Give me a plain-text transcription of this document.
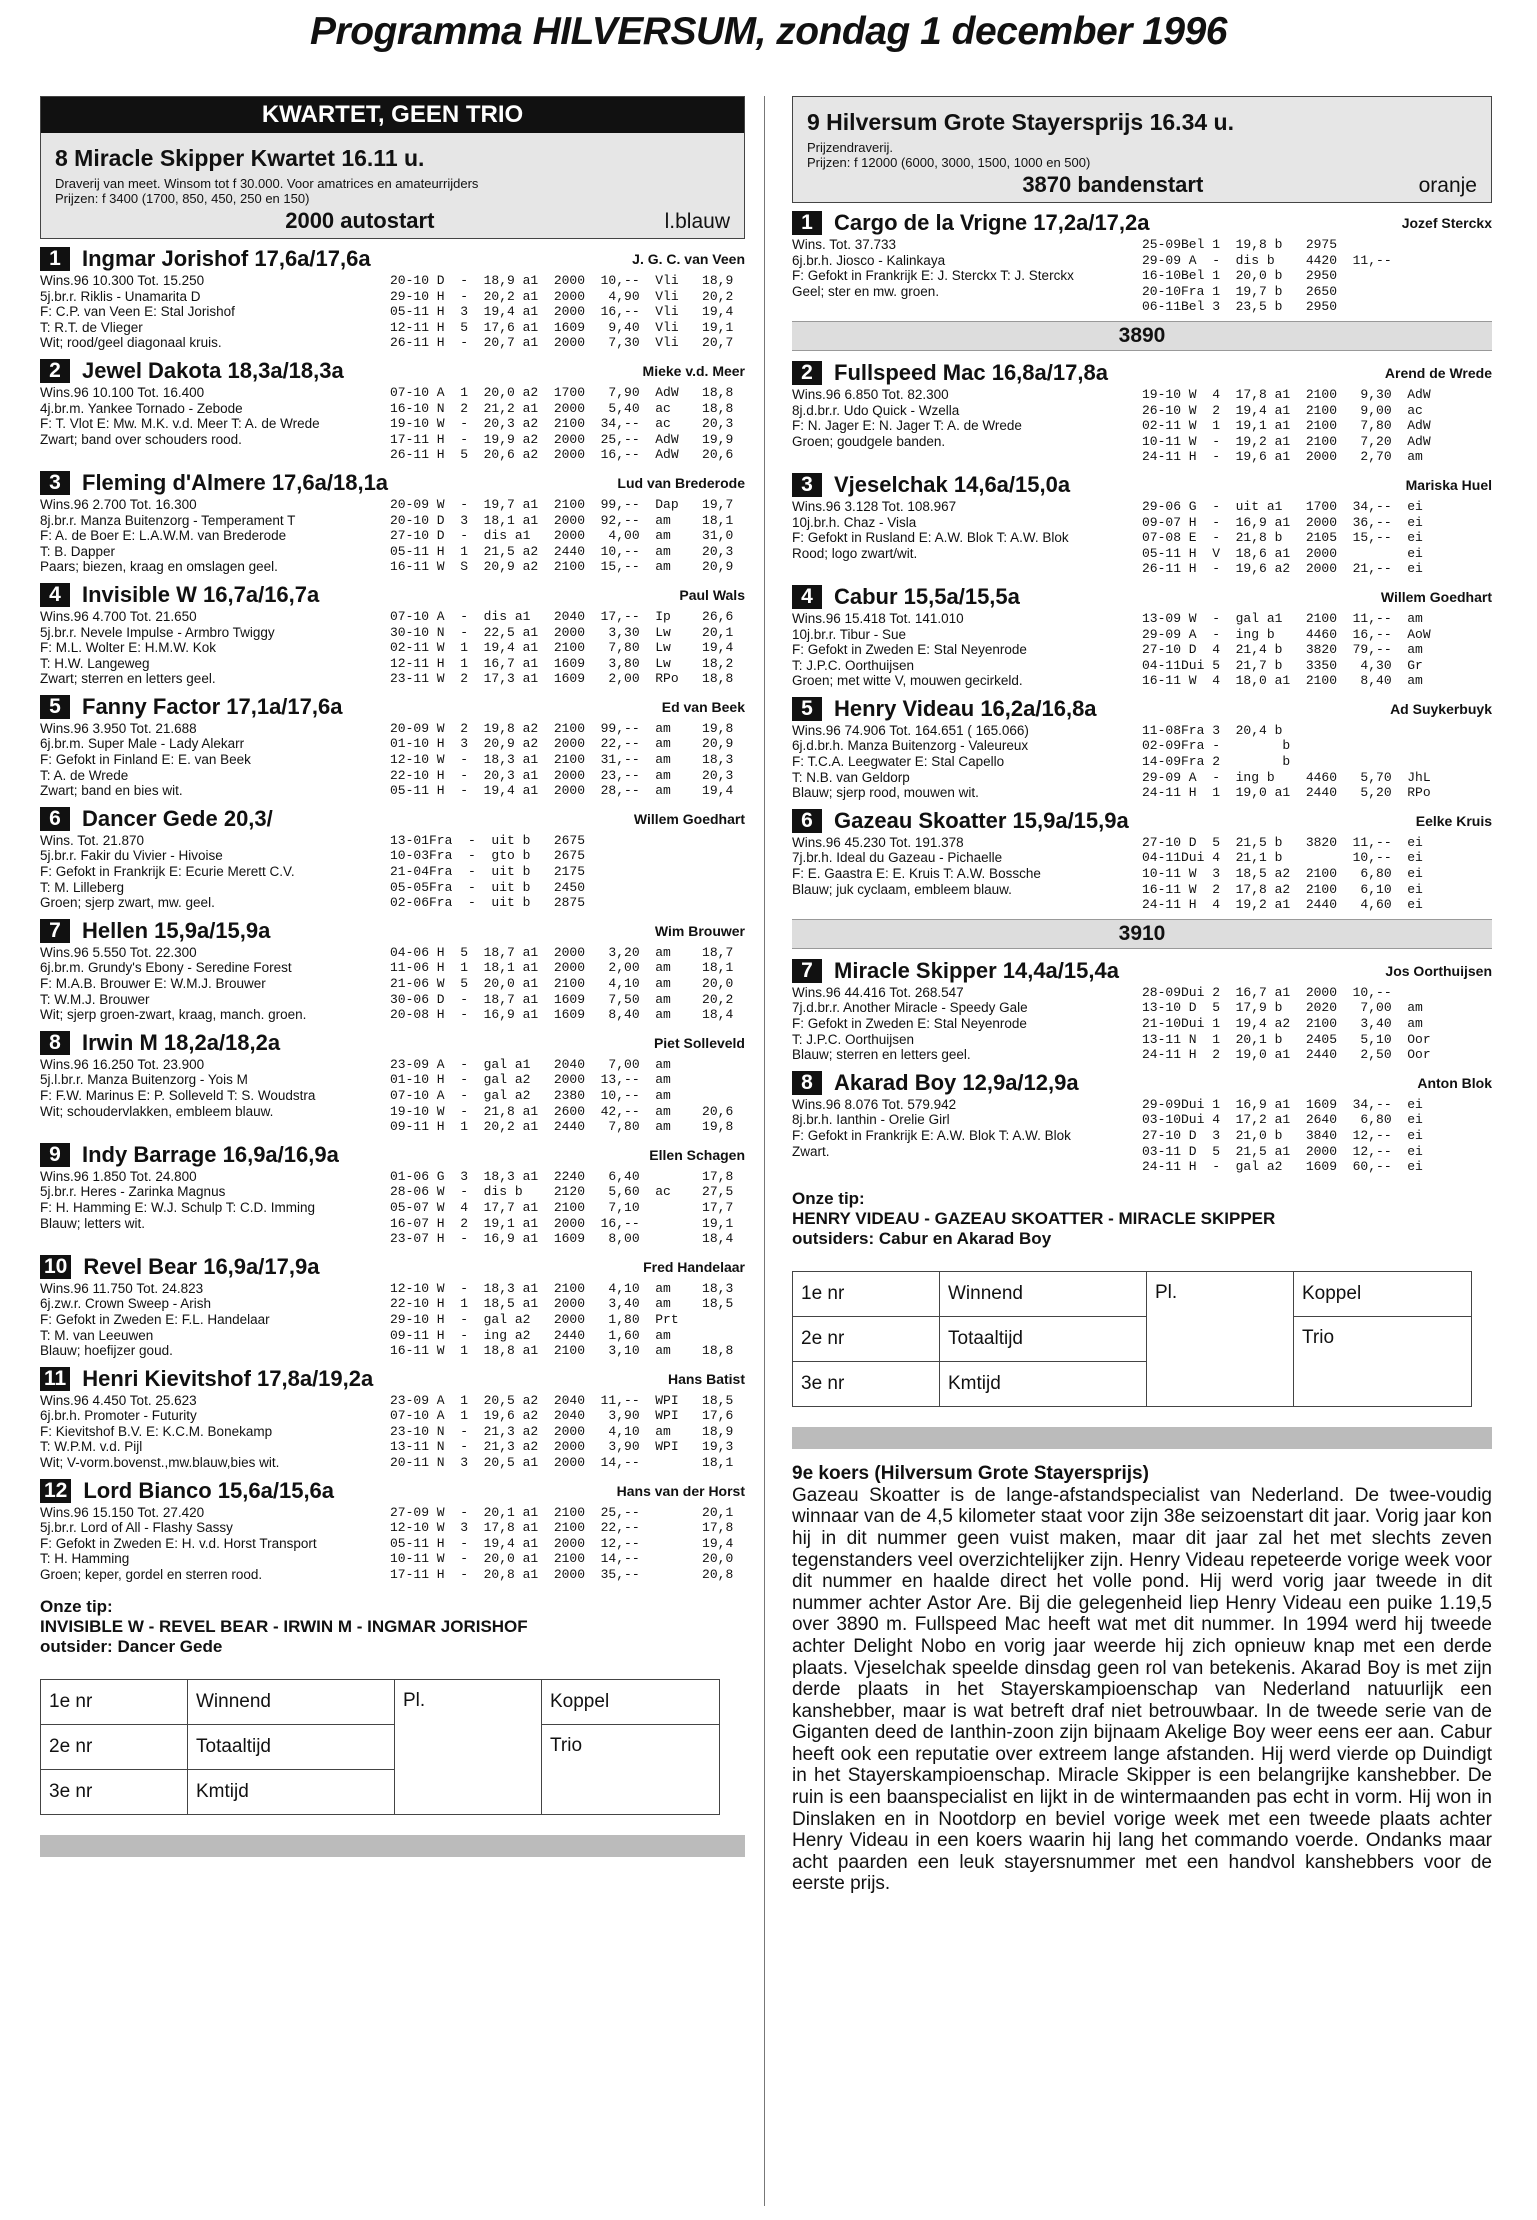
Programma HILVERSUM, zondag 1 december 1996
KWARTET, GEEN TRIO
8 Miracle Skipper Kwartet 16.11 u.
Draverij van meet. Winsom tot f 30.000. Voor amatrices en amateurrijders
Prijzen: f 3400 (1700, 850, 450, 250 en 150)
2000 autostart	l.blauw
1 Ingmar Jorishof 17,6a/17,6a	J. G. C. van Veen
Wins.96 10.300 Tot. 15.250
5j.br.r. Riklis - Unamarita D
F: C.P. van Veen E: Stal Jorishof
T: R.T. de Vlieger
Wit; rood/geel diagonaal kruis.
20-10 D  -  18,9 a1  2000  10,--  Vli   18,9
29-10 H  -  20,2 a1  2000   4,90  Vli   20,2
05-11 H  3  19,4 a1  2000  16,--  Vli   19,4
12-11 H  5  17,6 a1  1609   9,40  Vli   19,1
26-11 H  -  20,7 a1  2000   7,30  Vli   20,7
2 Jewel Dakota 18,3a/18,3a	Mieke v.d. Meer
Wins.96 10.100 Tot. 16.400
4j.br.m. Yankee Tornado - Zebode
F: T. Vlot E: Mw. M.K. v.d. Meer T: A. de Wrede
Zwart; band over schouders rood.
07-10 A  1  20,0 a2  1700   7,90  AdW   18,8
16-10 N  2  21,2 a1  2000   5,40  ac    18,8
19-10 W  -  20,3 a2  2100  34,--  ac    20,3
17-11 H  -  19,9 a2  2000  25,--  AdW   19,9
26-11 H  5  20,6 a2  2000  16,--  AdW   20,6
3 Fleming d'Almere 17,6a/18,1a	Lud van Brederode
Wins.96 2.700 Tot. 16.300
8j.br.r. Manza Buitenzorg - Temperament T
F: A. de Boer E: L.A.W.M. van Brederode
T: B. Dapper
Paars; biezen, kraag en omslagen geel.
20-09 W  -  19,7 a1  2100  99,--  Dap   19,7
20-10 D  3  18,1 a1  2000  92,--  am    18,1
27-10 D  -  dis a1   2000   4,00  am    31,0
05-11 H  1  21,5 a2  2440  10,--  am    20,3
16-11 W  S  20,9 a2  2100  15,--  am    20,9
4 Invisible W 16,7a/16,7a	Paul Wals
Wins.96 4.700 Tot. 21.650
5j.br.r. Nevele Impulse - Armbro Twiggy
F: M.L. Wolter E: H.M.W. Kok
T: H.W. Langeweg
Zwart; sterren en letters geel.
07-10 A  -  dis a1   2040  17,--  Ip    26,6
30-10 N  -  22,5 a1  2000   3,30  Lw    20,1
02-11 W  1  19,4 a1  2100   7,80  Lw    19,4
12-11 H  1  16,7 a1  1609   3,80  Lw    18,2
23-11 W  2  17,3 a1  1609   2,00  RPo   18,8
5 Fanny Factor 17,1a/17,6a	Ed van Beek
Wins.96 3.950 Tot. 21.688
6j.br.m. Super Male - Lady Alekarr
F: Gefokt in Finland E: E. van Beek
T: A. de Wrede
Zwart; band en bies wit.
20-09 W  2  19,8 a2  2100  99,--  am    19,8
01-10 H  3  20,9 a2  2000  22,--  am    20,9
12-10 W  -  18,3 a1  2100  31,--  am    18,3
22-10 H  -  20,3 a1  2000  23,--  am    20,3
05-11 H  -  19,4 a1  2000  28,--  am    19,4
6 Dancer Gede 20,3/	Willem Goedhart
Wins. Tot. 21.870
5j.br.r. Fakir du Vivier - Hivoise
F: Gefokt in Frankrijk E: Ecurie Merett C.V.
T: M. Lilleberg
Groen; sjerp zwart, mw. geel.
13-01Fra  -  uit b   2675
10-03Fra  -  gto b   2675
21-04Fra  -  uit b   2175
05-05Fra  -  uit b   2450
02-06Fra  -  uit b   2875
7 Hellen 15,9a/15,9a	Wim Brouwer
Wins.96 5.550 Tot. 22.300
6j.br.m. Grundy's Ebony - Seredine Forest
F: M.A.B. Brouwer E: W.M.J. Brouwer
T: W.M.J. Brouwer
Wit; sjerp groen-zwart, kraag, manch. groen.
04-06 H  5  18,7 a1  2000   3,20  am    18,7
11-06 H  1  18,1 a1  2000   2,00  am    18,1
21-06 W  5  20,0 a1  2100   4,10  am    20,0
30-06 D  -  18,7 a1  1609   7,50  am    20,2
20-08 H  -  16,9 a1  1609   8,40  am    18,4
8 Irwin M 18,2a/18,2a	Piet Solleveld
Wins.96 16.250 Tot. 23.900
5j.l.br.r. Manza Buitenzorg - Yois M
F: F.W. Marinus E: P. Solleveld T: S. Woudstra
Wit; schoudervlakken, embleem blauw.
23-09 A  -  gal a1   2040   7,00  am
01-10 H  -  gal a2   2000  13,--  am
07-10 A  -  gal a2   2380  10,--  am
19-10 W  -  21,8 a1  2600  42,--  am    20,6
09-11 H  1  20,2 a1  2440   7,80  am    19,8
9 Indy Barrage 16,9a/16,9a	Ellen Schagen
Wins.96 1.850 Tot. 24.800
5j.br.r. Heres - Zarinka Magnus
F: H. Hamming E: W.J. Schulp T: C.D. Imming
Blauw; letters wit.
01-06 G  3  18,3 a1  2240   6,40        17,8
28-06 W  -  dis b    2120   5,60  ac    27,5
05-07 W  4  17,7 a1  2100   7,10        17,7
16-07 H  2  19,1 a1  2000  16,--        19,1
23-07 H  -  16,9 a1  1609   8,00        18,4
10 Revel Bear 16,9a/17,9a	Fred Handelaar
Wins.96 11.750 Tot. 24.823
6j.zw.r. Crown Sweep - Arish
F: Gefokt in Zweden E: F.L. Handelaar
T: M. van Leeuwen
Blauw; hoefijzer goud.
12-10 W  -  18,3 a1  2100   4,10  am    18,3
22-10 H  1  18,5 a1  2000   3,40  am    18,5
29-10 H  -  gal a2   2000   1,80  Prt
09-11 H  -  ing a2   2440   1,60  am
16-11 W  1  18,8 a1  2100   3,10  am    18,8
11 Henri Kievitshof 17,8a/19,2a	Hans Batist
Wins.96 4.450 Tot. 25.623
6j.br.h. Promoter - Futurity
F: Kievitshof B.V. E: K.C.M. Bonekamp
T: W.P.M. v.d. Pijl
Wit; V-vorm.bovenst.,mw.blauw,bies wit.
23-09 A  1  20,5 a2  2040  11,--  WPI   18,5
07-10 A  1  19,6 a2  2040   3,90  WPI   17,6
23-10 N  -  21,3 a2  2000   4,10  am    18,9
13-11 N  -  21,3 a2  2000   3,90  WPI   19,3
20-11 N  3  20,5 a1  2000  14,--        18,1
12 Lord Bianco 15,6a/15,6a	Hans van der Horst
Wins.96 15.150 Tot. 27.420
5j.br.r. Lord of All - Flashy Sassy
F: Gefokt in Zweden E: H. v.d. Horst Transport
T: H. Hamming
Groen; keper, gordel en sterren rood.
27-09 W  -  20,1 a1  2100  25,--        20,1
12-10 W  3  17,8 a1  2100  22,--        17,8
05-11 H  -  19,4 a1  2000  12,--        19,4
10-11 W  -  20,0 a1  2100  14,--        20,0
17-11 H  -  20,8 a1  2000  35,--        20,8
Onze tip:
INVISIBLE W - REVEL BEAR - IRWIN M - INGMAR JORISHOF
outsider: Dancer Gede
1e nr	Winnend	Pl.	Koppel
2e nr	Totaaltijd		Trio
3e nr	Kmtijd		
9 Hilversum Grote Stayersprijs 16.34 u.
Prijzendraverij.
Prijzen: f 12000 (6000, 3000, 1500, 1000 en 500)
3870 bandenstart	oranje
1 Cargo de la Vrigne 17,2a/17,2a	Jozef Sterckx
Wins. Tot. 37.733
6j.br.h. Jiosco - Kalinkaya
F: Gefokt in Frankrijk E: J. Sterckx T: J. Sterckx
Geel; ster en mw. groen.
25-09Bel 1  19,8 b   2975
29-09 A  -  dis b    4420  11,--
16-10Bel 1  20,0 b   2950
20-10Fra 1  19,7 b   2650
06-11Bel 3  23,5 b   2950
3890
2 Fullspeed Mac 16,8a/17,8a	Arend de Wrede
Wins.96 6.850 Tot. 82.300
8j.d.br.r. Udo Quick - Wzella
F: N. Jager E: N. Jager T: A. de Wrede
Groen; goudgele banden.
19-10 W  4  17,8 a1  2100   9,30  AdW
26-10 W  2  19,4 a1  2100   9,00  ac
02-11 W  1  19,1 a1  2100   7,80  AdW
10-11 W  -  19,2 a1  2100   7,20  AdW
24-11 H  -  19,6 a1  2000   2,70  am
3 Vjeselchak 14,6a/15,0a	Mariska Huel
Wins.96 3.128 Tot. 108.967
10j.br.h. Chaz - Visla
F: Gefokt in Rusland E: A.W. Blok T: A.W. Blok
Rood; logo zwart/wit.
29-06 G  -  uit a1   1700  34,--  ei
09-07 H  -  16,9 a1  2000  36,--  ei
07-08 E  -  21,8 b   2105  15,--  ei
05-11 H  V  18,6 a1  2000         ei
26-11 H  -  19,6 a2  2000  21,--  ei
4 Cabur 15,5a/15,5a	Willem Goedhart
Wins.96 15.418 Tot. 141.010
10j.br.r. Tibur - Sue
F: Gefokt in Zweden E: Stal Neyenrode
T: J.P.C. Oorthuijsen
Groen; met witte V, mouwen gecirkeld.
13-09 W  -  gal a1   2100  11,--  am
29-09 A  -  ing b    4460  16,--  AoW
27-10 D  4  21,4 b   3820  79,--  am
04-11Dui 5  21,7 b   3350   4,30  Gr
16-11 W  4  18,0 a1  2100   8,40  am
5 Henry Videau 16,2a/16,8a	Ad Suykerbuyk
Wins.96 74.906 Tot. 164.651 ( 165.066)
6j.d.br.h. Manza Buitenzorg - Valeureux
F: T.C.A. Leegwater E: Stal Capello
T: N.B. van Geldorp
Blauw; sjerp rood, mouwen wit.
11-08Fra 3  20,4 b
02-09Fra -        b
14-09Fra 2        b
29-09 A  -  ing b    4460   5,70  JhL
24-11 H  1  19,0 a1  2440   5,20  RPo
6 Gazeau Skoatter 15,9a/15,9a	Eelke Kruis
Wins.96 45.230 Tot. 191.378
7j.br.h. Ideal du Gazeau - Pichaelle
F: E. Gaastra E: E. Kruis T: A.W. Bossche
Blauw; juk cyclaam, embleem blauw.
27-10 D  5  21,5 b   3820  11,--  ei
04-11Dui 4  21,1 b         10,--  ei
10-11 W  3  18,5 a2  2100   6,80  ei
16-11 W  2  17,8 a2  2100   6,10  ei
24-11 H  4  19,2 a1  2440   4,60  ei
3910
7 Miracle Skipper 14,4a/15,4a	Jos Oorthuijsen
Wins.96 44.416 Tot. 268.547
7j.d.br.r. Another Miracle - Speedy Gale
F: Gefokt in Zweden E: Stal Neyenrode
T: J.P.C. Oorthuijsen
Blauw; sterren en letters geel.
28-09Dui 2  16,7 a1  2000  10,--
13-10 D  5  17,9 b   2020   7,00  am
21-10Dui 1  19,4 a2  2100   3,40  am
13-11 N  1  20,1 b   2405   5,10  Oor
24-11 H  2  19,0 a1  2440   2,50  Oor
8 Akarad Boy 12,9a/12,9a	Anton Blok
Wins.96 8.076 Tot. 579.942
8j.br.h. Ianthin - Orelie Girl
F: Gefokt in Frankrijk E: A.W. Blok T: A.W. Blok
Zwart.
29-09Dui 1  16,9 a1  1609  34,--  ei
03-10Dui 4  17,2 a1  2640   6,80  ei
27-10 D  3  21,0 b   3840  12,--  ei
03-11 D  5  21,5 a1  2000  12,--  ei
24-11 H  -  gal a2   1609  60,--  ei
Onze tip:
HENRY VIDEAU - GAZEAU SKOATTER - MIRACLE SKIPPER
outsiders: Cabur en Akarad Boy
1e nr	Winnend	Pl.	Koppel
2e nr	Totaaltijd		Trio
3e nr	Kmtijd		
9e koers (Hilversum Grote Stayersprijs)
Gazeau Skoatter is de lange-afstandspecialist van Nederland. De twee-voudig winnaar van de 4,5 kilometer staat voor zijn 38e seizoenstart dit jaar. Vorig jaar kon hij in dit nummer geen vuist maken, maar dit jaar zal het met slechts zeven tegenstanders veel overzichtelijker zijn. Henry Videau repeteerde vorige week voor dit nummer en haalde direct het volle pond. Hij werd vorig jaar tweede in dit nummer achter Astor Are. Bij die gelegenheid liep Henry Videau een puike 1.19,5 over 3890 m. Fullspeed Mac heeft wat met dit nummer. In 1994 werd hij tweede achter Delight Nobo en vorig jaar weerde hij zich opnieuw knap met een derde plaats. Vjeselchak speelde dinsdag geen rol van betekenis. Akarad Boy is met zijn derde plaats in het Stayerskampioenschap van Nederland natuurlijk een kanshebber, maar is wat betreft draf niet betrouwbaar. In de tweede serie van de Giganten deed de Ianthin-zoon zijn bijnaam Akelige Boy weer eens eer aan. Cabur heeft ook een reputatie over extreem lange afstanden. Hij werd vierde op Duindigt in het Stayerskampioenschap. Miracle Skipper is een belangrijke kanshebber. De ruin is een baanspecialist en lijkt in de wintermaanden pas echt in vorm. Hij won in Dinslaken en in Nootdorp en beviel vorige week met een tweede plaats achter Henry Videau in een koers waarin hij lang het commando voerde. Ondanks maar acht paarden een leuk stayersnummer met een handvol kanshebbers voor de eerste prijs.
